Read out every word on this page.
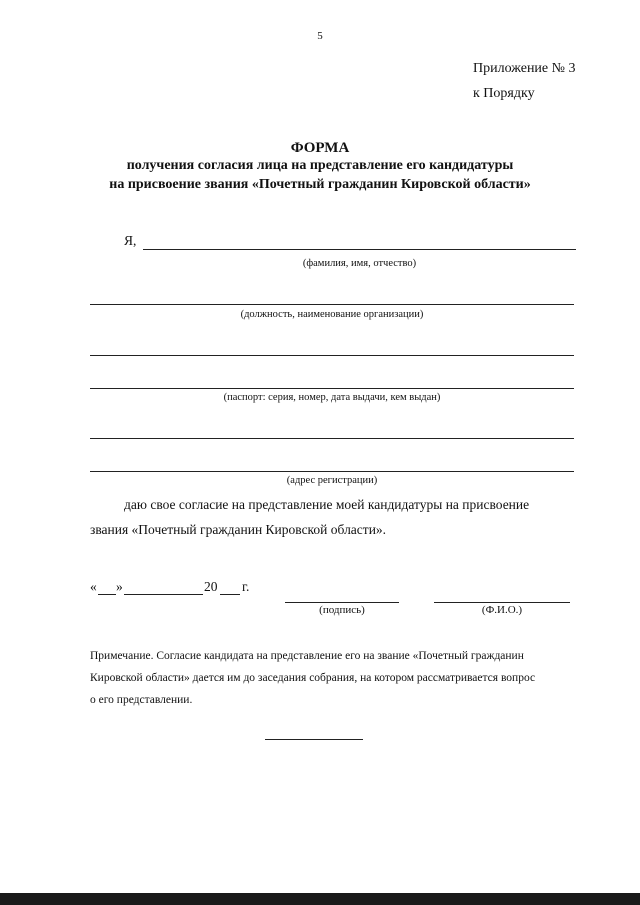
5
Приложение № 3
к Порядку
ФОРМА
получения согласия лица на представление его кандидатуры
на присвоение звания «Почетный гражданин Кировской области»
Я,
(фамилия, имя, отчество)
(должность, наименование организации)
(паспорт: серия, номер, дата выдачи, кем выдан)
(адрес регистрации)
даю свое согласие на представление моей кандидатуры на присвоение
звания «Почетный гражданин Кировской области».
« »	20 г.
(подпись)	(Ф.И.О.)
Примечание. Согласие кандидата на представление его на звание «Почетный гражданин
Кировской области» дается им до заседания собрания, на котором рассматривается вопрос
о его представлении.
